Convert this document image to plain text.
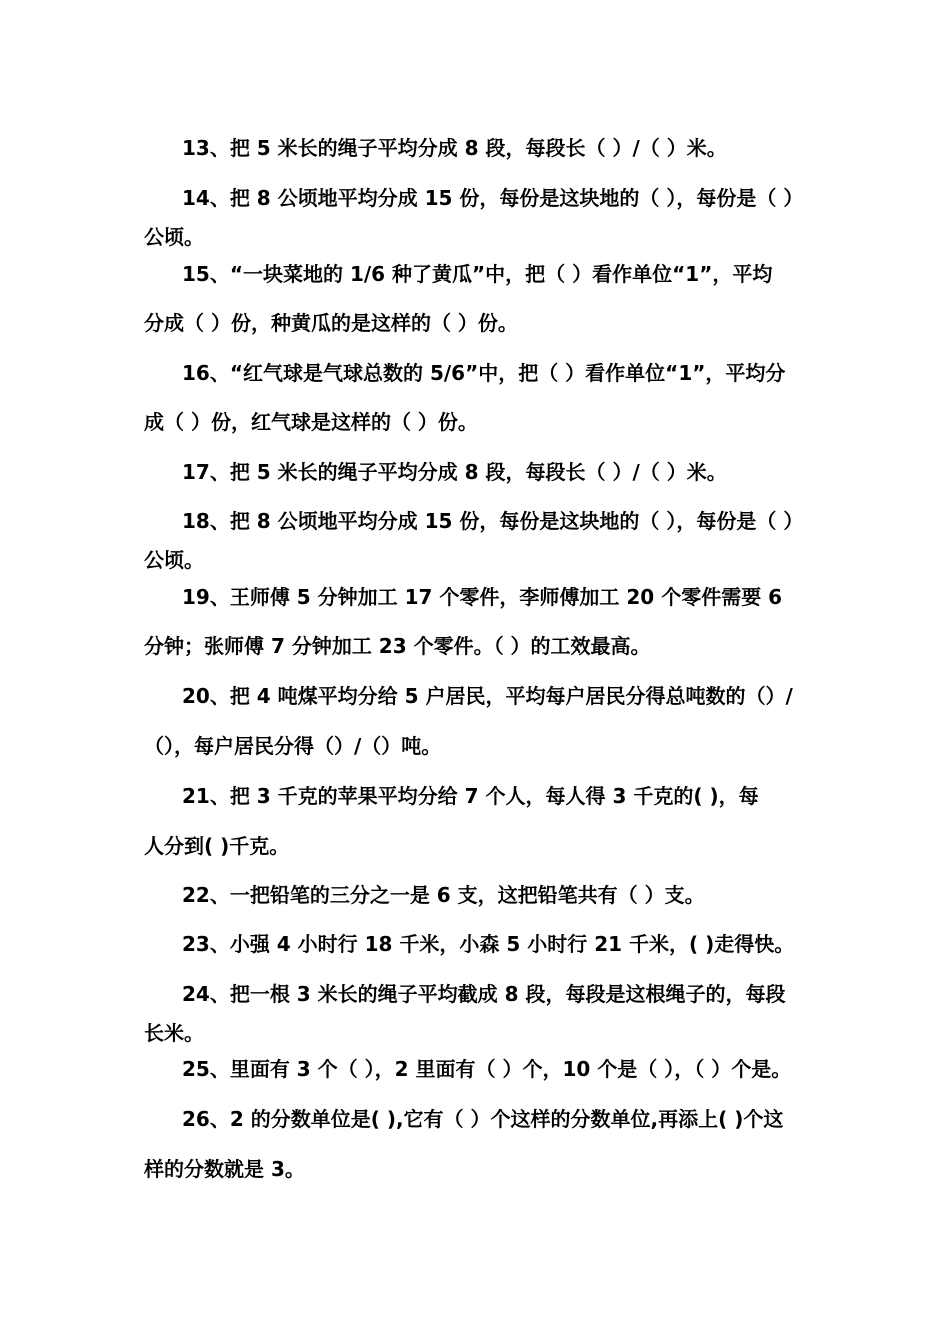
13、把 5 米长的绳子平均分成 8 段，每段长（ ）/（ ）米。
14、把 8 公顷地平均分成 15 份，每份是这块地的（ ），每份是（ ）
公顷。
15、“一块菜地的 1/6 种了黄瓜”中，把（ ）看作单位“1”，平均
分成（ ）份，种黄瓜的是这样的（ ）份。
16、“红气球是气球总数的 5/6”中，把（ ）看作单位“1”，平均分
成（ ）份，红气球是这样的（ ）份。
17、把 5 米长的绳子平均分成 8 段，每段长（ ）/（ ）米。
18、把 8 公顷地平均分成 15 份，每份是这块地的（ ），每份是（ ）
公顷。
19、王师傅 5 分钟加工 17 个零件，李师傅加工 20 个零件需要 6
分钟；张师傅 7 分钟加工 23 个零件。（ ）的工效最高。
20、把 4 吨煤平均分给 5 户居民，平均每户居民分得总吨数的（）/
（），每户居民分得（）/（）吨。
21、把 3 千克的苹果平均分给 7 个人，每人得 3 千克的( )，每
人分到( )千克。
22、一把铅笔的三分之一是 6 支，这把铅笔共有（ ）支。
23、小强 4 小时行 18 千米，小森 5 小时行 21 千米，( )走得快。
24、把一根 3 米长的绳子平均截成 8 段，每段是这根绳子的，每段
长米。
25、里面有 3 个（ ），2 里面有（ ）个，10 个是（ ），（ ）个是。
26、2 的分数单位是( ),它有（ ）个这样的分数单位,再添上( )个这
样的分数就是 3。
